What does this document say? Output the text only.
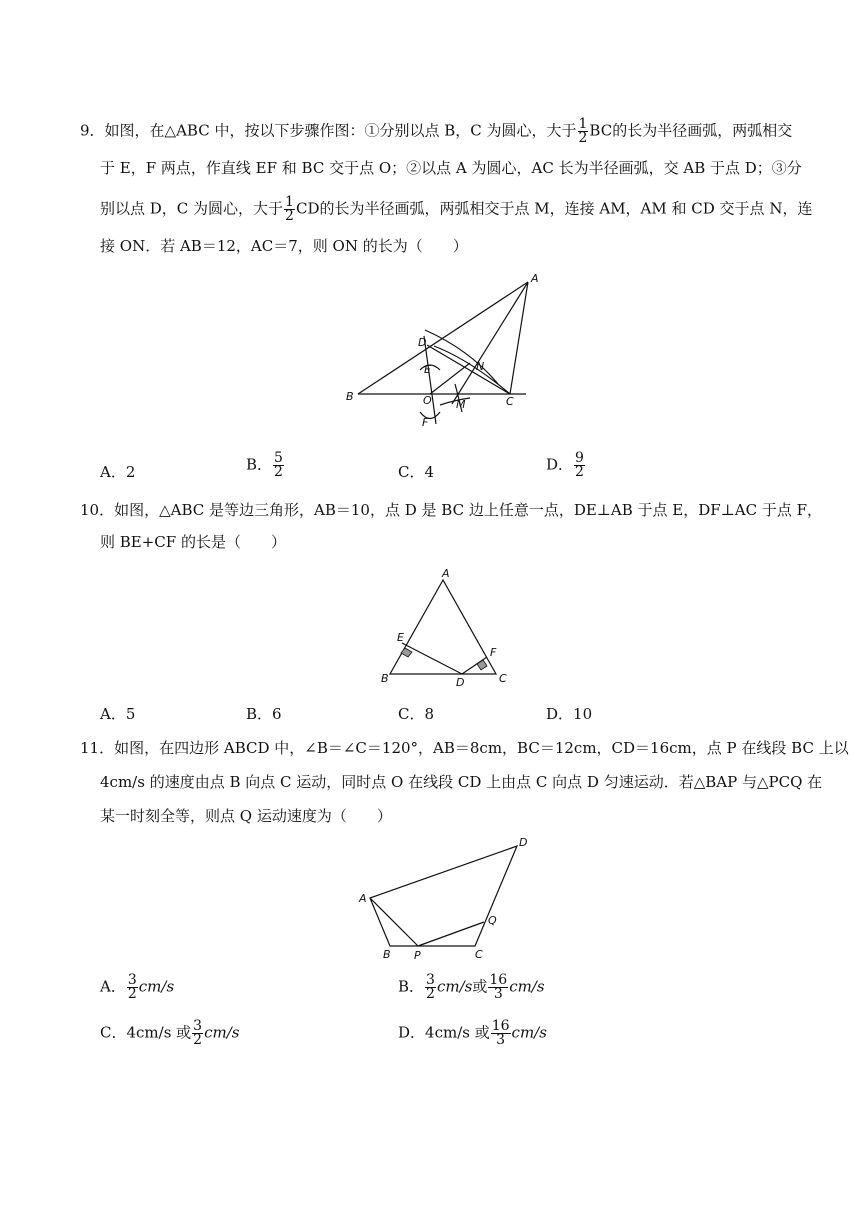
9．如图，在△ABC 中，按以下步骤作图：①分别以点 B，C 为圆心，大于 $\frac{1}{2}$ BC的长为半径画弧，两弧相交
于 E，F 两点，作直线 EF 和 BC 交于点 O；②以点 A 为圆心，AC 长为半径画弧，交 AB 于点 D；③分
别以点 D，C 为圆心，大于 $\frac{1}{2}$ CD的长为半径画弧，两弧相交于点 M，连接 AM，AM 和 CD 交于点 N，连
接 ON．若 AB＝12，AC＝7，则 ON 的长为（　　）
A
B	C
D
E
F
N
O M
A．2	B． $\frac{5}{2}$	C．4	D． $\frac{9}{2}$
10．如图，△ABC 是等边三角形，AB＝10，点 D 是 BC 边上任意一点，DE⊥AB 于点 E，DF⊥AC 于点 F，
则 BE+CF 的长是（　　）
A
B	C
D
E
F
A．5	B．6	C．8	D．10
11．如图，在四边形 ABCD 中，∠B＝∠C＝120°，AB＝8cm，BC＝12cm，CD＝16cm，点 P 在线段 BC 上以
4cm/s 的速度由点 B 向点 C 运动，同时点 O 在线段 CD 上由点 C 向点 D 匀速运动．若△BAP 与△PCQ 在
某一时刻全等，则点 Q 运动速度为（　　）
A
B	C
D
P
Q
A． $\frac{3}{2} cm/s$	B． $\frac{3}{2} cm/s$或 $\frac{16}{3} cm/s$
C．4cm/s 或 $\frac{3}{2} cm/s$	D．4cm/s 或 $\frac{16}{3} cm/s$
